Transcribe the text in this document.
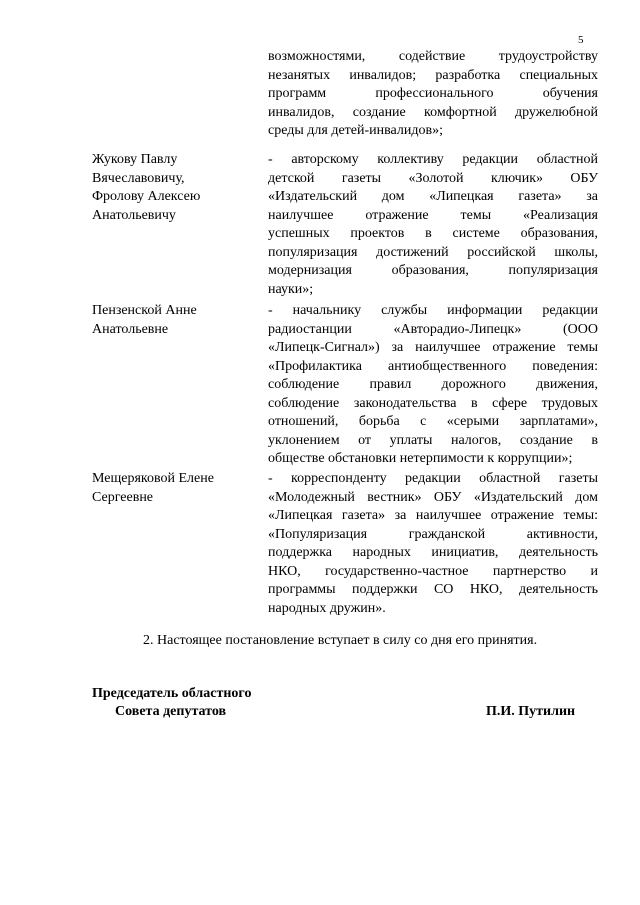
5
возможностями, содействие трудоустройству
незанятых инвалидов; разработка специальных
программ профессионального обучения
инвалидов, создание комфортной дружелюбной
среды для детей-инвалидов»;
Жукову Павлу
Вячеславовичу,
Фролову Алексею
Анатольевичу
- авторскому коллективу редакции областной
детской газеты «Золотой ключик» ОБУ
«Издательский дом «Липецкая газета» за
наилучшее отражение темы «Реализация
успешных проектов в системе образования,
популяризация достижений российской школы,
модернизация образования, популяризация
науки»;
Пензенской Анне
Анатольевне
- начальнику службы информации редакции
радиостанции «Авторадио-Липецк» (ООО
«Липецк-Сигнал») за наилучшее отражение темы
«Профилактика антиобщественного поведения:
соблюдение правил дорожного движения,
соблюдение законодательства в сфере трудовых
отношений, борьба с «серыми зарплатами»,
уклонением от уплаты налогов, создание в
обществе обстановки нетерпимости к коррупции»;
Мещеряковой Елене
Сергеевне
- корреспонденту редакции областной газеты
«Молодежный вестник» ОБУ «Издательский дом
«Липецкая газета» за наилучшее отражение темы:
«Популяризация гражданской активности,
поддержка народных инициатив, деятельность
НКО, государственно-частное партнерство и
программы поддержки СО НКО, деятельность
народных дружин».
2. Настоящее постановление вступает в силу со дня его принятия.
Председатель областного
Совета депутатов	П.И. Путилин
